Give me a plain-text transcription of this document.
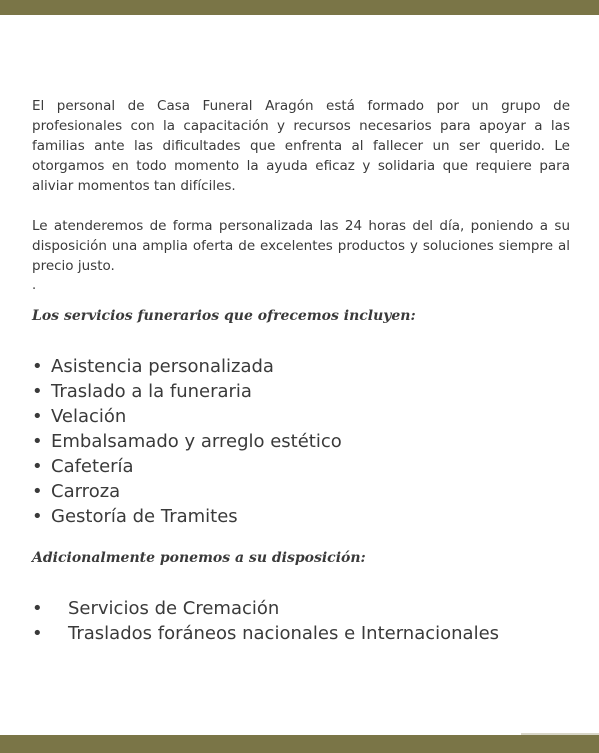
El personal de Casa Funeral Aragón está formado por un grupo de profesionales con la capacitación y recursos necesarios para apoyar a las familias ante las dificultades que enfrenta al fallecer un ser querido. Le otorgamos en todo momento la ayuda eficaz y solidaria que requiere para aliviar momentos tan difíciles.

Le atenderemos de forma personalizada las 24 horas del día, poniendo a su disposición una amplia oferta de excelentes productos y soluciones siempre al precio justo.

.

Los servicios funerarios que ofrecemos incluyen:

• Asistencia personalizada
• Traslado a la funeraria
• Velación
• Embalsamado y arreglo estético
• Cafetería
• Carroza
• Gestoría de Tramites

Adicionalmente ponemos a su disposición:

• Servicios de Cremación
• Traslados foráneos nacionales e Internacionales
